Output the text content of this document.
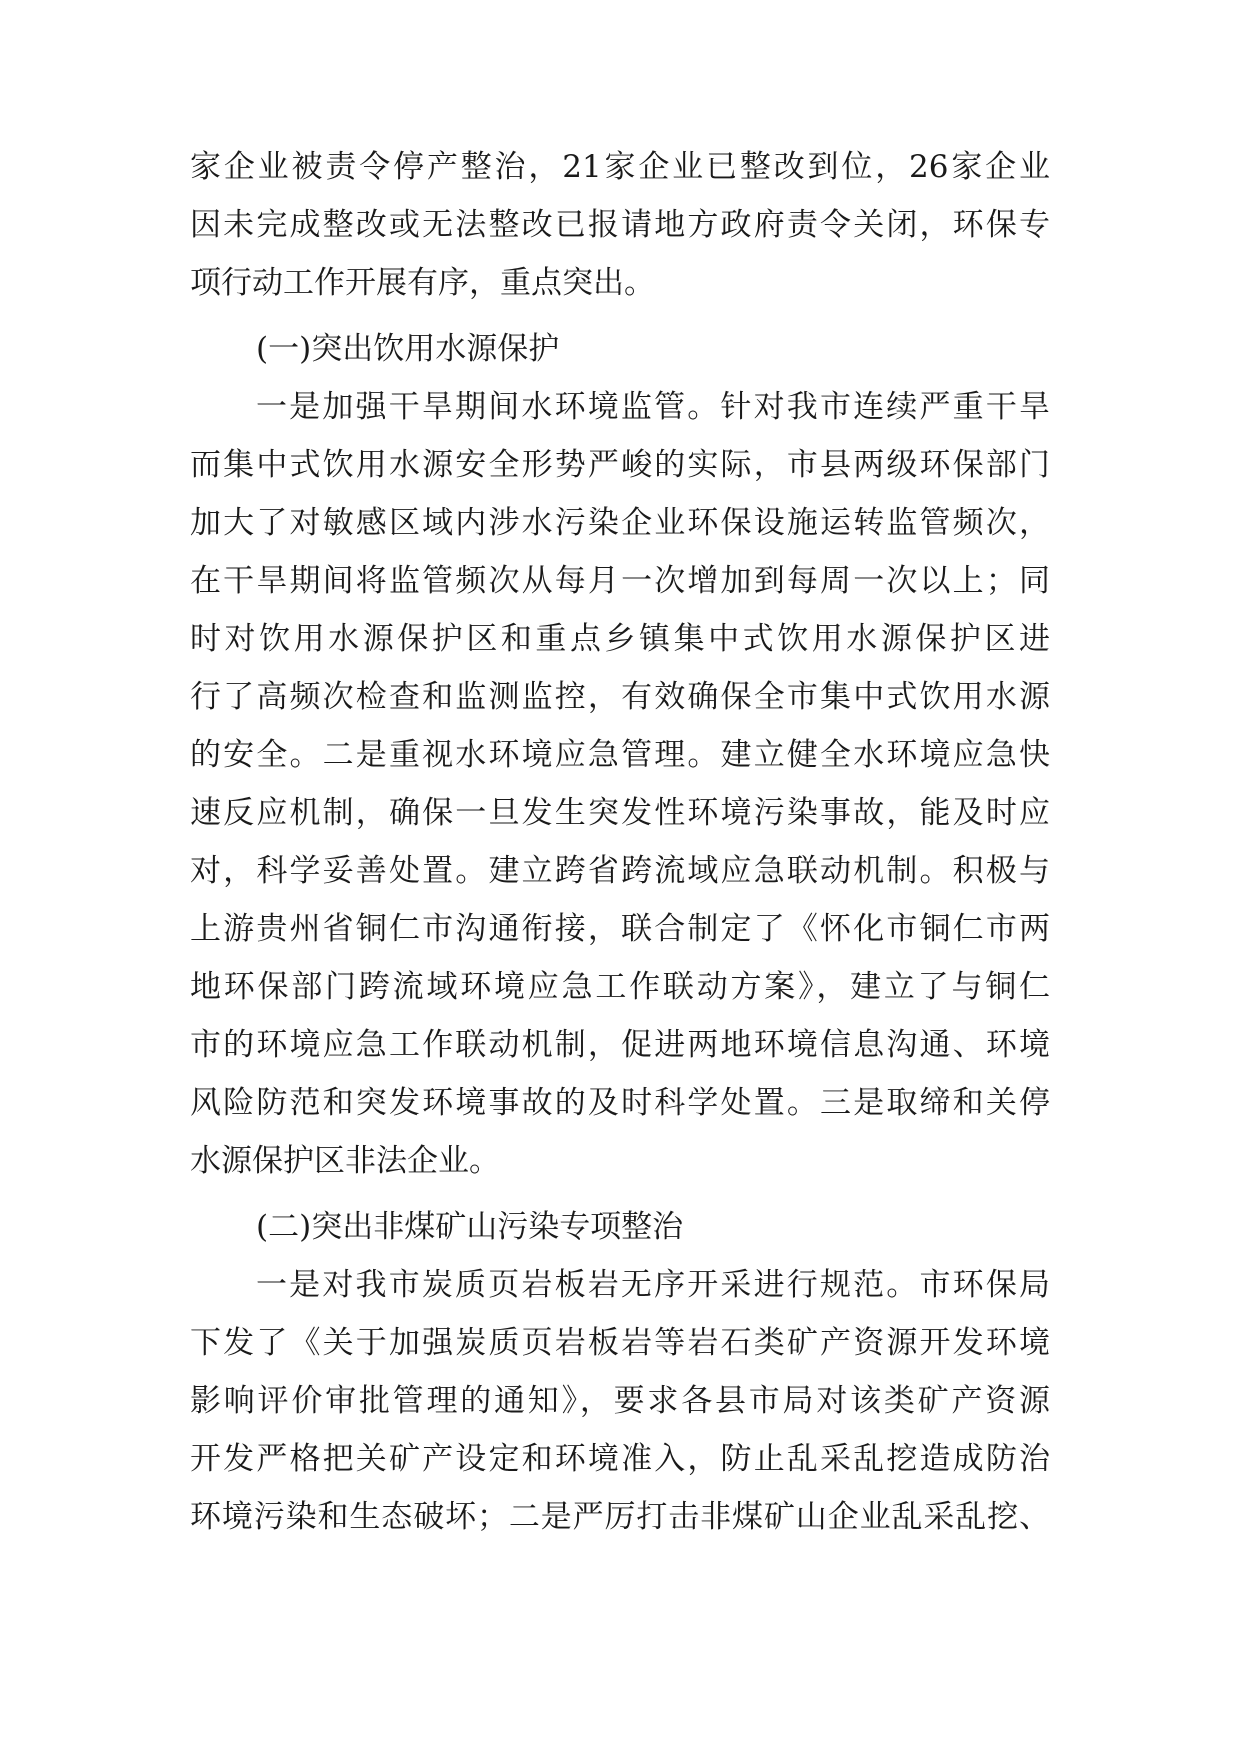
家企业被责令停产整治，21家企业已整改到位，26家企业
因未完成整改或无法整改已报请地方政府责令关闭，环保专
项行动工作开展有序，重点突出。
(一)突出饮用水源保护
一是加强干旱期间水环境监管。针对我市连续严重干旱
而集中式饮用水源安全形势严峻的实际，市县两级环保部门
加大了对敏感区域内涉水污染企业环保设施运转监管频次，
在干旱期间将监管频次从每月一次增加到每周一次以上；同
时对饮用水源保护区和重点乡镇集中式饮用水源保护区进
行了高频次检查和监测监控，有效确保全市集中式饮用水源
的安全。二是重视水环境应急管理。建立健全水环境应急快
速反应机制，确保一旦发生突发性环境污染事故，能及时应
对，科学妥善处置。建立跨省跨流域应急联动机制。积极与
上游贵州省铜仁市沟通衔接，联合制定了《怀化市铜仁市两
地环保部门跨流域环境应急工作联动方案》，建立了与铜仁
市的环境应急工作联动机制，促进两地环境信息沟通、环境
风险防范和突发环境事故的及时科学处置。三是取缔和关停
水源保护区非法企业。
(二)突出非煤矿山污染专项整治
一是对我市炭质页岩板岩无序开采进行规范。市环保局
下发了《关于加强炭质页岩板岩等岩石类矿产资源开发环境
影响评价审批管理的通知》，要求各县市局对该类矿产资源
开发严格把关矿产设定和环境准入，防止乱采乱挖造成防治
环境污染和生态破坏；二是严厉打击非煤矿山企业乱采乱挖、
